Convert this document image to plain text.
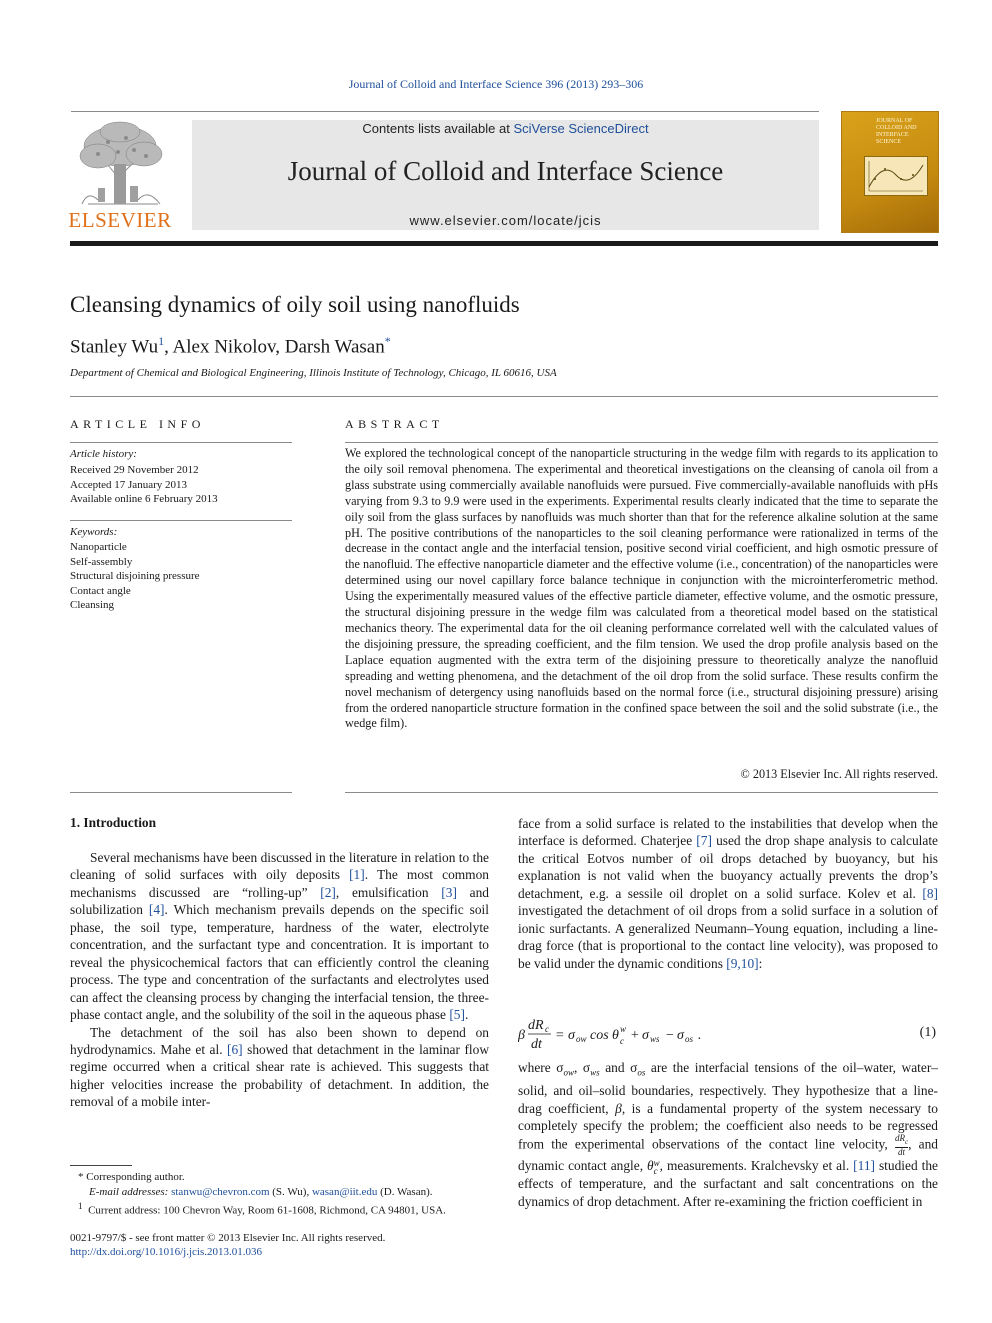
Journal of Colloid and Interface Science 396 (2013) 293–306
ELSEVIER
Contents lists available at SciVerse ScienceDirect
Journal of Colloid and Interface Science
www.elsevier.com/locate/jcis
JOURNAL OF COLLOID AND INTERFACE SCIENCE
Cleansing dynamics of oily soil using nanofluids
Stanley Wu$^1$, Alex Nikolov, Darsh Wasan*
Department of Chemical and Biological Engineering, Illinois Institute of Technology, Chicago, IL 60616, USA
ARTICLE INFO
Article history:
Received 29 November 2012
Accepted 17 January 2013
Available online 6 February 2013
Keywords:
Nanoparticle
Self-assembly
Structural disjoining pressure
Contact angle
Cleansing
ABSTRACT
We explored the technological concept of the nanoparticle structuring in the wedge film with regards to its application to the oily soil removal phenomena. The experimental and theoretical investigations on the cleansing of canola oil from a glass substrate using commercially available nanofluids were pursued. Five commercially-available nanofluids with pHs varying from 9.3 to 9.9 were used in the experiments. Experimental results clearly indicated that the time to separate the oily soil from the glass surfaces by nanofluids was much shorter than that for the reference alkaline solution at the same pH. The positive contributions of the nanoparticles to the soil cleaning performance were rationalized in terms of the decrease in the contact angle and the interfacial tension, positive second virial coefficient, and high osmotic pressure of the nanofluid. The effective nanoparticle diameter and the effective volume (i.e., concentration) of the nanoparticles were determined using our novel capillary force balance technique in conjunction with the microinterferometric method. Using the experimentally measured values of the effective particle diameter, effective volume, and the osmotic pressure, the structural disjoining pressure in the wedge film was calculated from a theoretical model based on the statistical mechanics theory. The experimental data for the oil cleaning performance correlated well with the calculated values of the disjoining pressure, the spreading coefficient, and the film tension. We used the drop profile analysis based on the Laplace equation augmented with the extra term of the disjoining pressure to theoretically analyze the nanofluid spreading and wetting phenomena, and the detachment of the oil drop from the solid surface. These results confirm the novel mechanism of detergency using nanofluids based on the normal force (i.e., structural disjoining pressure) arising from the ordered nanoparticle structure formation in the confined space between the soil and the solid substrate (i.e., the wedge film).
© 2013 Elsevier Inc. All rights reserved.
1. Introduction

Several mechanisms have been discussed in the literature in relation to the cleaning of solid surfaces with oily deposits [1]. The most common mechanisms discussed are “rolling-up” [2], emulsification [3] and solubilization [4]. Which mechanism prevails depends on the specific soil phase, the soil type, temperature, hardness of the water, electrolyte concentration, and the surfactant type and concentration. It is important to reveal the physicochemical factors that can efficiently control the cleaning process. The type and concentration of the surfactants and electrolytes used can affect the cleansing process by changing the interfacial tension, the three-phase contact angle, and the solubility of the soil in the aqueous phase [5].

The detachment of the soil has also been shown to depend on hydrodynamics. Mahe et al. [6] showed that detachment in the laminar flow regime occurred when a critical shear rate is achieved. This suggests that higher velocities increase the probability of detachment. In addition, the removal of a mobile inter-

* Corresponding author.
E-mail addresses: stanwu@chevron.com (S. Wu), wasan@iit.edu (D. Wasan).
$^1$ Current address: 100 Chevron Way, Room 61-1608, Richmond, CA 94801, USA.
0021-9797/$ - see front matter © 2013 Elsevier Inc. All rights reserved.
http://dx.doi.org/10.1016/j.jcis.2013.01.036

face from a solid surface is related to the instabilities that develop when the interface is deformed. Chaterjee [7] used the drop shape analysis to calculate the critical Eotvos number of oil drops detached by buoyancy, but his explanation is not valid when the buoyancy actually prevents the drop’s detachment, e.g. a sessile oil droplet on a solid surface. Kolev et al. [8] investigated the detachment of oil drops from a solid surface in a solution of ionic surfactants. A generalized Neumann–Young equation, including a line-drag force (that is proportional to the contact line velocity), was proposed to be valid under the dynamic conditions [9,10]:

β
dR c
dt
= σ ow cos θ w
c + σ ws − σ os .	(1)

where $\sigma_{ow}$, $\sigma_{ws}$ and $\sigma_{os}$ are the interfacial tensions of the oil–water, water–solid, and oil–solid boundaries, respectively. They hypothesize that a line-drag coefficient, β, is a fundamental property of the system necessary to completely specify the problem; the coefficient also needs to be regressed from the experimental observations of the contact line velocity, $dR_c$
dt
, and dynamic contact angle, θ w
c , measurements. Kralchevsky et al. [11] studied the effects of temperature, and the surfactant and salt concentrations on the dynamics of drop detachment. After re-examining the friction coefficient in
